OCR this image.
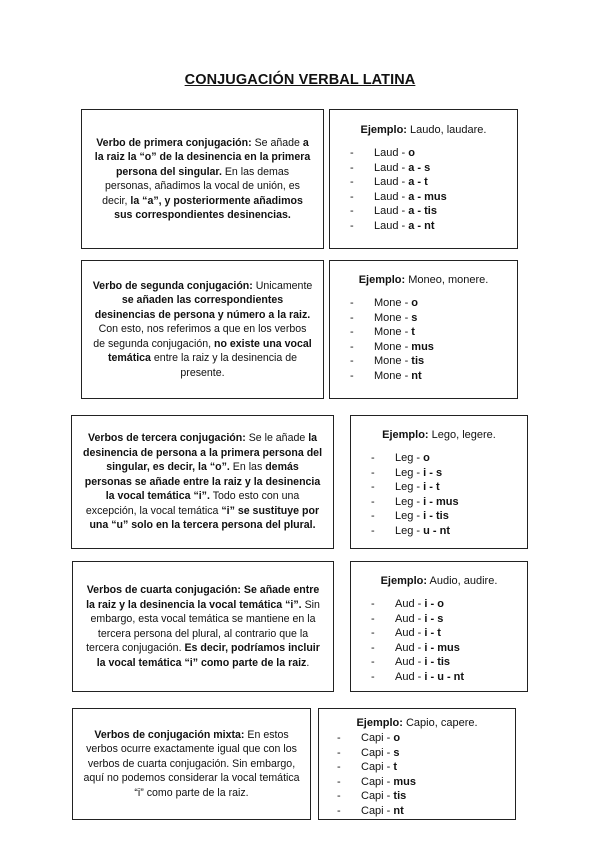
CONJUGACIÓN VERBAL LATINA

Verbo de primera conjugación: Se añade a la raiz la “o” de la desinencia en la primera persona del singular. En las demas personas, añadimos la vocal de unión, es decir, la “a”, y posteriormente añadimos sus correspondientes desinencias.

Ejemplo: Laudo, laudare.
- Laud - o
- Laud - a - s
- Laud - a - t
- Laud - a - mus
- Laud - a - tis
- Laud - a - nt

Verbo de segunda conjugación: Unicamente se añaden las correspondientes desinencias de persona y número a la raiz. Con esto, nos referimos a que en los verbos de segunda conjugación, no existe una vocal temática entre la raiz y la desinencia de presente.

Ejemplo: Moneo, monere.
- Mone - o
- Mone - s
- Mone - t
- Mone - mus
- Mone - tis
- Mone - nt

Verbos de tercera conjugación: Se le añade la desinencia de persona a la primera persona del singular, es decir, la “o”. En las demás personas se añade entre la raiz y la desinencia la vocal temática “i”. Todo esto con una excepción, la vocal temática “i” se sustituye por una “u” solo en la tercera persona del plural.

Ejemplo: Lego, legere.
- Leg - o
- Leg - i - s
- Leg - i - t
- Leg - i - mus
- Leg - i - tis
- Leg - u - nt

Verbos de cuarta conjugación: Se añade entre la raiz y la desinencia la vocal temática “i”. Sin embargo, esta vocal temática se mantiene en la tercera persona del plural, al contrario que la tercera conjugación. Es decir, podríamos incluir la vocal temática “i” como parte de la raiz.

Ejemplo: Audio, audire.
- Aud - i - o
- Aud - i - s
- Aud - i - t
- Aud - i - mus
- Aud - i - tis
- Aud - i - u - nt

Verbos de conjugación mixta: En estos verbos ocurre exactamente igual que con los verbos de cuarta conjugación. Sin embargo, aquí no podemos considerar la vocal temática “i” como parte de la raiz.

Ejemplo: Capio, capere.
- Capi - o
- Capi - s
- Capi - t
- Capi - mus
- Capi - tis
- Capi - nt
